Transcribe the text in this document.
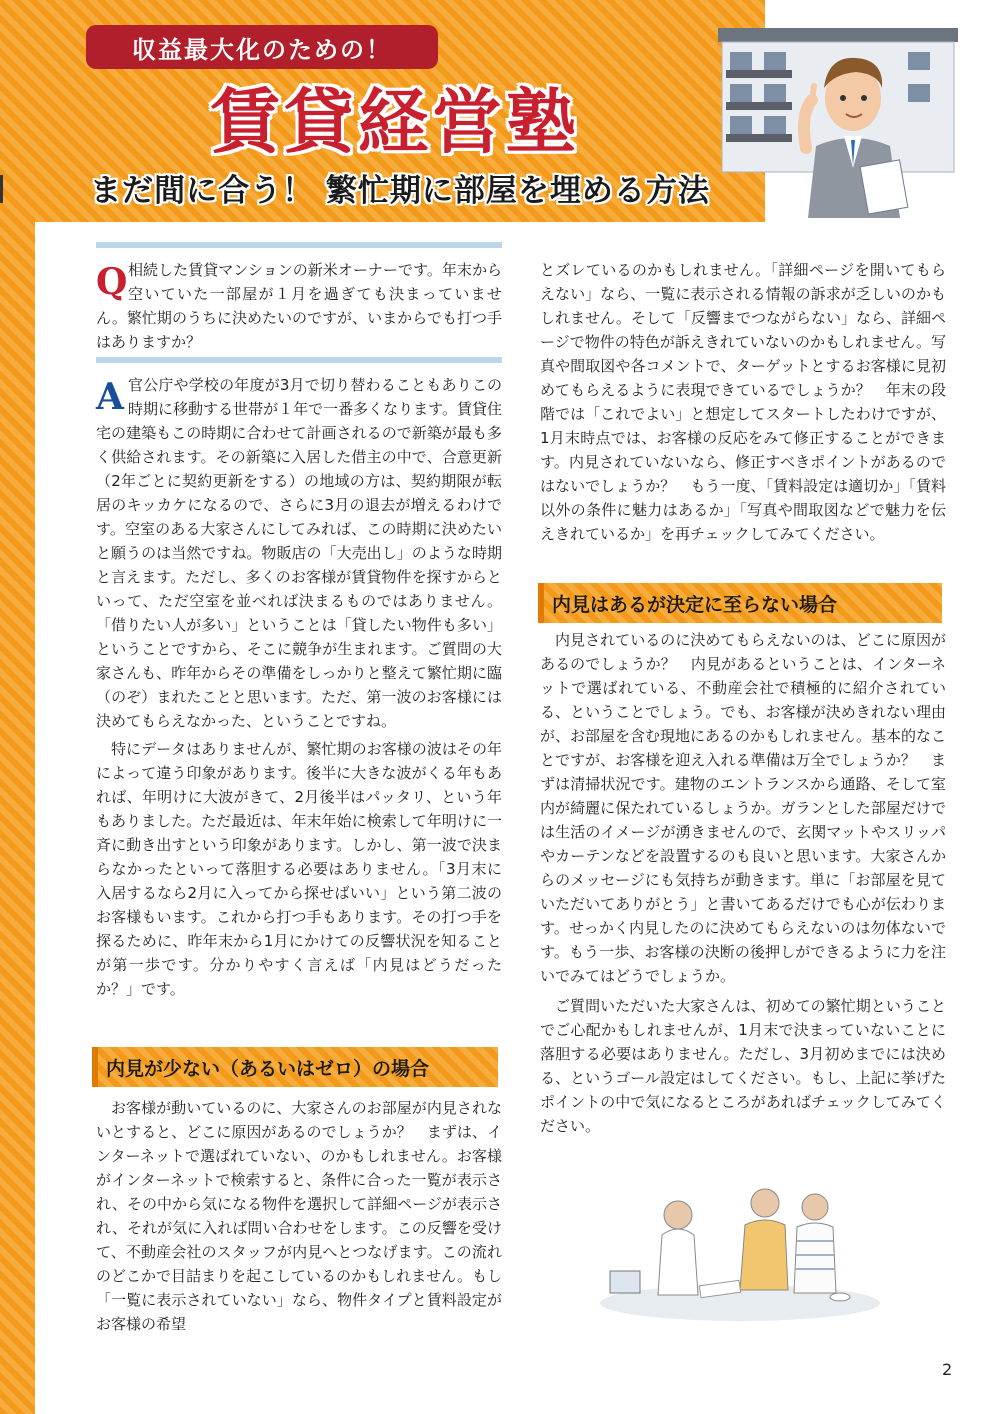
収益最大化のための！
賃貸経営塾
まだ間に合う！ 繁忙期に部屋を埋める方法
Q 相続した賃貸マンションの新米オーナーです。年末から空いていた一部屋が１月を過ぎても決まっていません。繁忙期のうちに決めたいのですが、いまからでも打つ手はありますか？

A 官公庁や学校の年度が3月で切り替わることもありこの時期に移動する世帯が１年で一番多くなります。賃貸住宅の建築もこの時期に合わせて計画されるので新築が最も多く供給されます。その新築に入居した借主の中で、合意更新（2年ごとに契約更新をする）の地域の方は、契約期限が転居のキッカケになるので、さらに3月の退去が増えるわけです。空室のある大家さんにしてみれば、この時期に決めたいと願うのは当然ですね。物販店の「大売出し」のような時期と言えます。ただし、多くのお客様が賃貸物件を探すからといって、ただ空室を並べれば決まるものではありません。「借りたい人が多い」ということは「貸したい物件も多い」ということですから、そこに競争が生まれます。ご質問の大家さんも、昨年からその準備をしっかりと整えて繁忙期に臨（のぞ）まれたことと思います。ただ、第一波のお客様には決めてもらえなかった、ということですね。

特にデータはありませんが、繁忙期のお客様の波はその年によって違う印象があります。後半に大きな波がくる年もあれば、年明けに大波がきて、2月後半はパッタリ、という年もありました。ただ最近は、年末年始に検索して年明けに一斉に動き出すという印象があります。しかし、第一波で決まらなかったといって落胆する必要はありません。「3月末に入居するなら2月に入ってから探せばいい」という第二波のお客様もいます。これから打つ手もあります。その打つ手を探るために、昨年末から1月にかけての反響状況を知ることが第一歩です。分かりやすく言えば「内見はどうだったか？」です。

内見が少ない（あるいはゼロ）の場合

お客様が動いているのに、大家さんのお部屋が内見されないとすると、どこに原因があるのでしょうか？　まずは、インターネットで選ばれていない、のかもしれません。お客様がインターネットで検索すると、条件に合った一覧が表示され、その中から気になる物件を選択して詳細ページが表示され、それが気に入れば問い合わせをします。この反響を受けて、不動産会社のスタッフが内見へとつなげます。この流れのどこかで目詰まりを起こしているのかもしれません。もし「一覧に表示されていない」なら、物件タイプと賃料設定がお客様の希望

とズレているのかもしれません。「詳細ページを開いてもらえない」なら、一覧に表示される情報の訴求が乏しいのかもしれません。そして「反響までつながらない」なら、詳細ページで物件の特色が訴えきれていないのかもしれません。写真や間取図や各コメントで、ターゲットとするお客様に見初めてもらえるように表現できているでしょうか？　年末の段階では「これでよい」と想定してスタートしたわけですが、1月末時点では、お客様の反応をみて修正することができます。内見されていないなら、修正すべきポイントがあるのではないでしょうか？　もう一度、「賃料設定は適切か」「賃料以外の条件に魅力はあるか」「写真や間取図などで魅力を伝えきれているか」を再チェックしてみてください。

内見はあるが決定に至らない場合

内見されているのに決めてもらえないのは、どこに原因があるのでしょうか？　内見があるということは、インターネットで選ばれている、不動産会社で積極的に紹介されている、ということでしょう。でも、お客様が決めきれない理由が、お部屋を含む現地にあるのかもしれません。基本的なことですが、お客様を迎え入れる準備は万全でしょうか？　まずは清掃状況です。建物のエントランスから通路、そして室内が綺麗に保たれているしょうか。ガランとした部屋だけでは生活のイメージが湧きませんので、玄関マットやスリッパやカーテンなどを設置するのも良いと思います。大家さんからのメッセージにも気持ちが動きます。単に「お部屋を見ていただいてありがとう」と書いてあるだけでも心が伝わります。せっかく内見したのに決めてもらえないのは勿体ないです。もう一歩、お客様の決断の後押しができるように力を注いでみてはどうでしょうか。

ご質問いただいた大家さんは、初めての繁忙期ということでご心配かもしれませんが、1月末で決まっていないことに落胆する必要はありません。ただし、3月初めまでには決める、というゴール設定はしてください。もし、上記に挙げたポイントの中で気になるところがあればチェックしてみてください。

2
